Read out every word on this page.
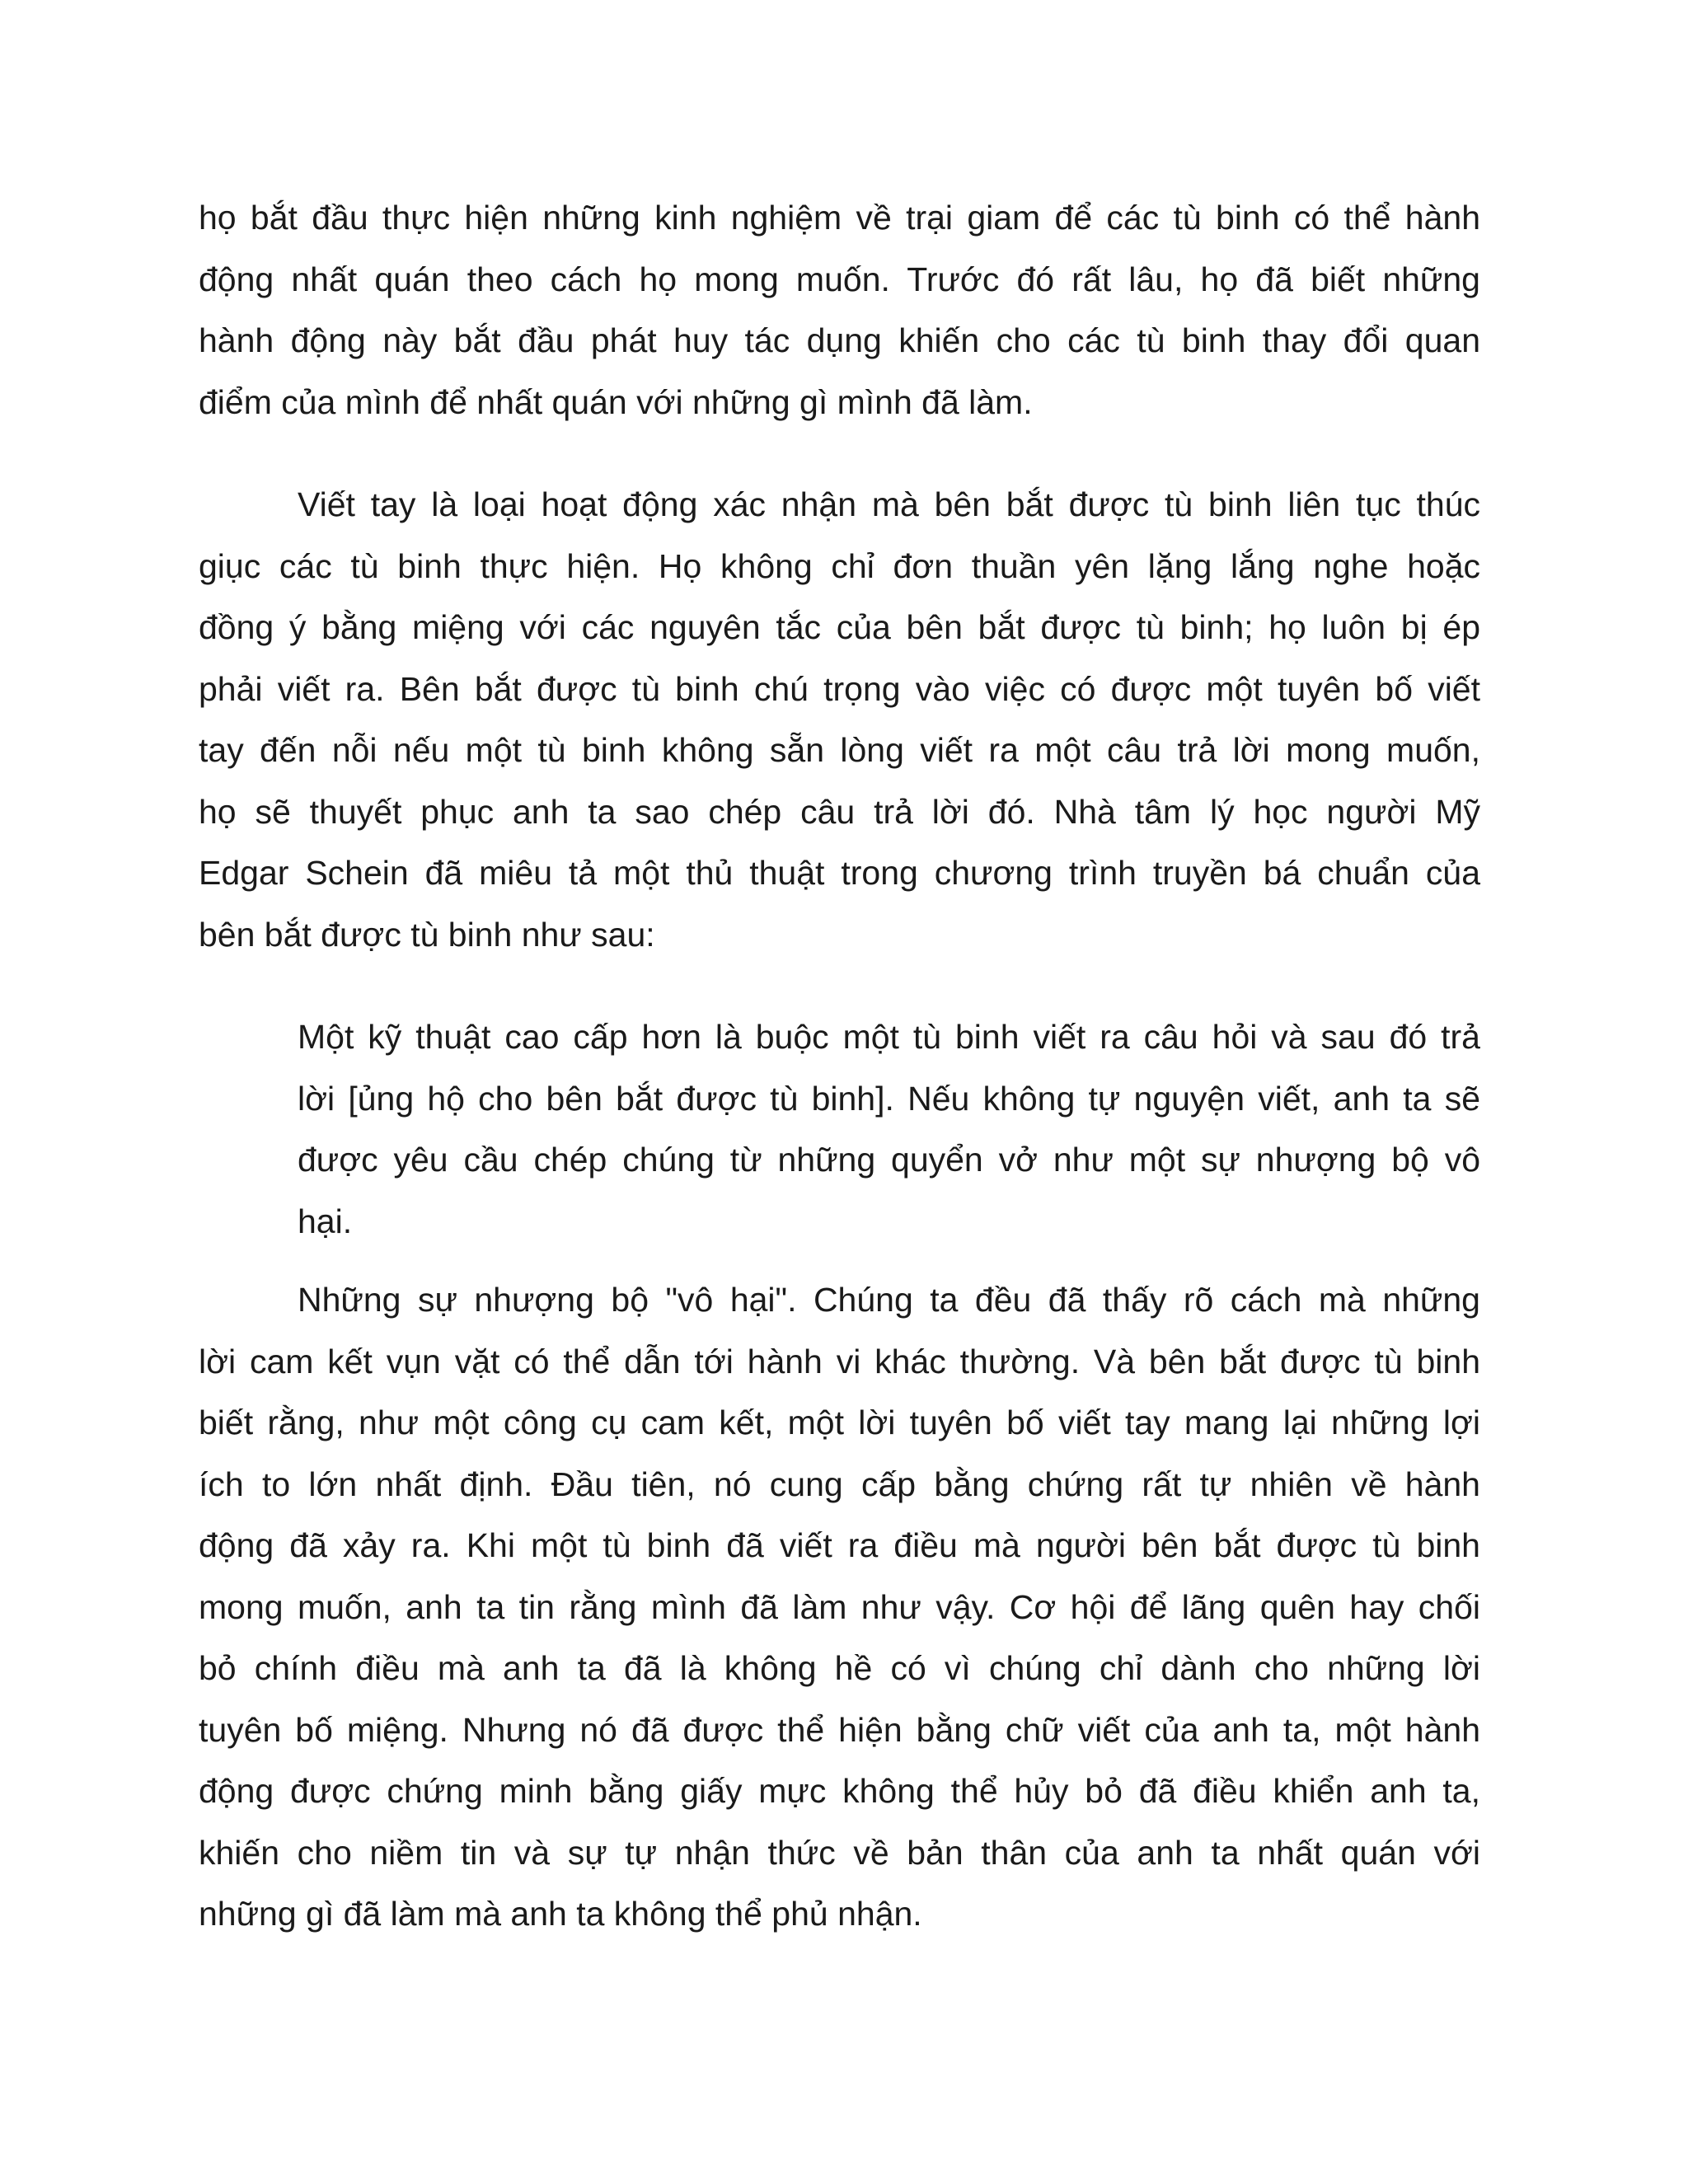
họ bắt đầu thực hiện những kinh nghiệm về trại giam để các tù binh có thể hành

động nhất quán theo cách họ mong muốn. Trước đó rất lâu, họ đã biết những

hành động này bắt đầu phát huy tác dụng khiến cho các tù binh thay đổi quan

điểm của mình để nhất quán với những gì mình đã làm.

Viết tay là loại hoạt động xác nhận mà bên bắt được tù binh liên tục thúc

giục các tù binh thực hiện. Họ không chỉ đơn thuần yên lặng lắng nghe hoặc

đồng ý bằng miệng với các nguyên tắc của bên bắt được tù binh; họ luôn bị ép

phải viết ra. Bên bắt được tù binh chú trọng vào việc có được một tuyên bố viết

tay đến nỗi nếu một tù binh không sẵn lòng viết ra một câu trả lời mong muốn,

họ sẽ thuyết phục anh ta sao chép câu trả lời đó. Nhà tâm lý học người Mỹ

Edgar Schein đã miêu tả một thủ thuật trong chương trình truyền bá chuẩn của

bên bắt được tù binh như sau:

Một kỹ thuật cao cấp hơn là buộc một tù binh viết ra câu hỏi và sau đó trả

lời [ủng hộ cho bên bắt được tù binh]. Nếu không tự nguyện viết, anh ta sẽ

được yêu cầu chép chúng từ những quyển vở như một sự nhượng bộ vô

hại.

Những sự nhượng bộ "vô hại". Chúng ta đều đã thấy rõ cách mà những

lời cam kết vụn vặt có thể dẫn tới hành vi khác thường. Và bên bắt được tù binh

biết rằng, như một công cụ cam kết, một lời tuyên bố viết tay mang lại những lợi

ích to lớn nhất định. Đầu tiên, nó cung cấp bằng chứng rất tự nhiên về hành

động đã xảy ra. Khi một tù binh đã viết ra điều mà người bên bắt được tù binh

mong muốn, anh ta tin rằng mình đã làm như vậy. Cơ hội để lãng quên hay chối

bỏ chính điều mà anh ta đã là không hề có vì chúng chỉ dành cho những lời

tuyên bố miệng. Nhưng nó đã được thể hiện bằng chữ viết của anh ta, một hành

động được chứng minh bằng giấy mực không thể hủy bỏ đã điều khiển anh ta,

khiến cho niềm tin và sự tự nhận thức về bản thân của anh ta nhất quán với

những gì đã làm mà anh ta không thể phủ nhận.
